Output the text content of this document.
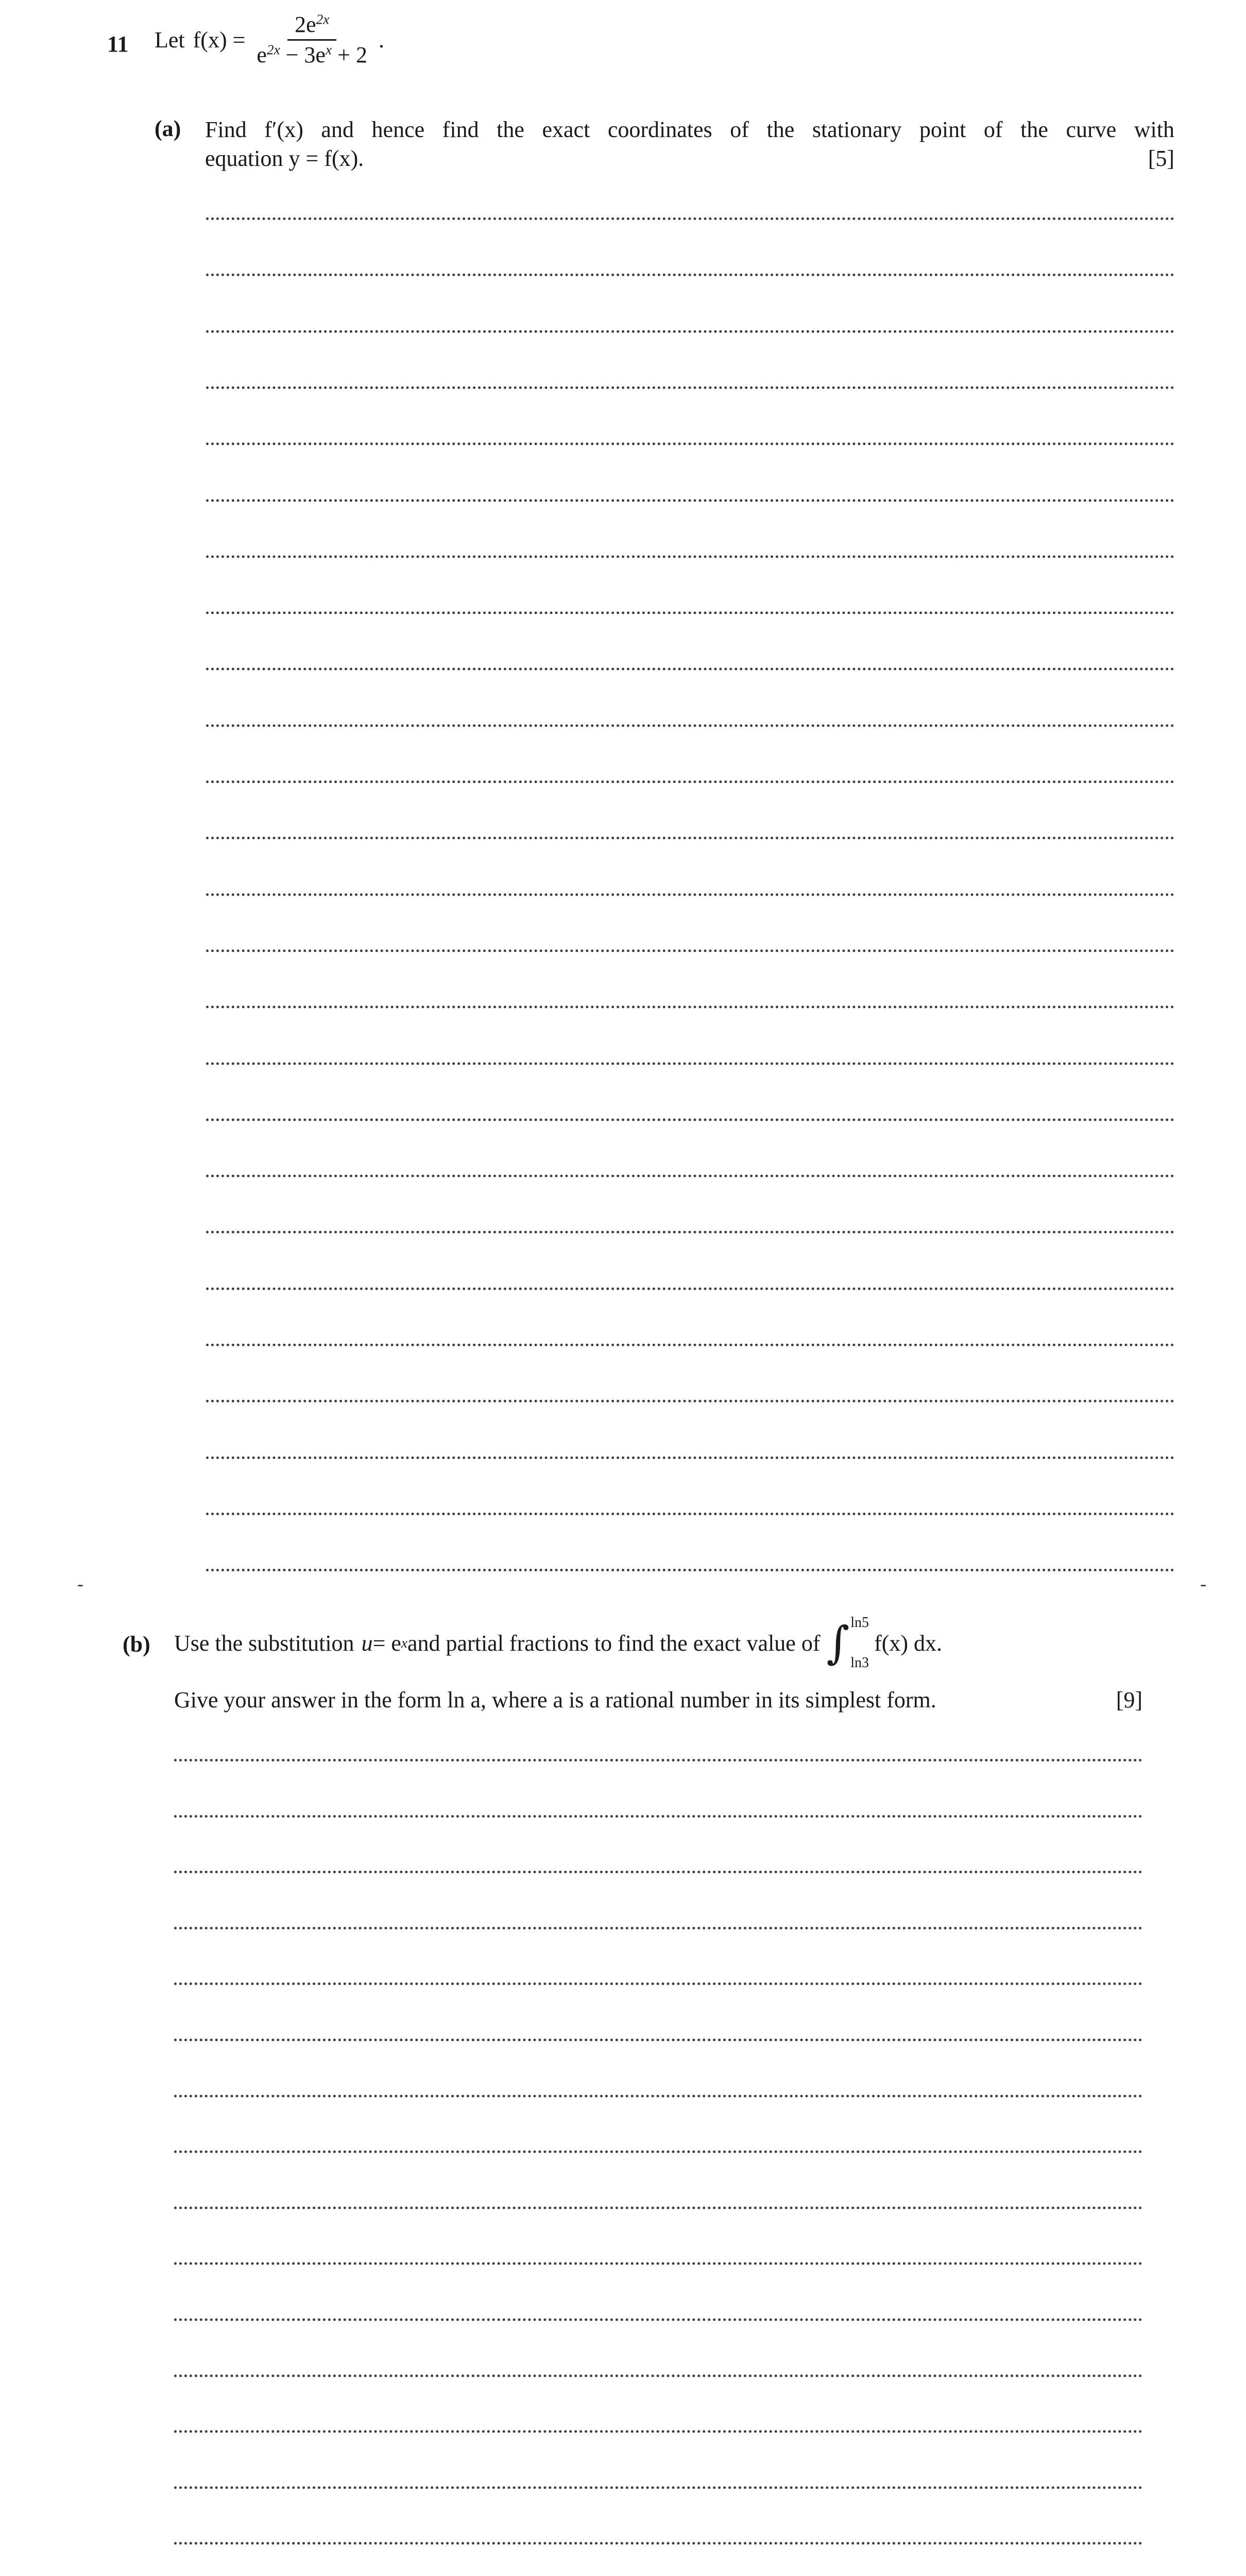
11 Let $f(x) = \frac{2e^{2x}}{e^{2x} - 3e^x + 2}$ .
(a) Find f′(x) and hence find the exact coordinates of the stationary point of the curve with
equation y = f(x).	[5]
-	-
(b) Use the substitution u = e x and partial fractions to find the exact value of ∫ ln5
ln3
f(x) dx.
Give your answer in the form ln a, where a is a rational number in its simplest form.	[9]
